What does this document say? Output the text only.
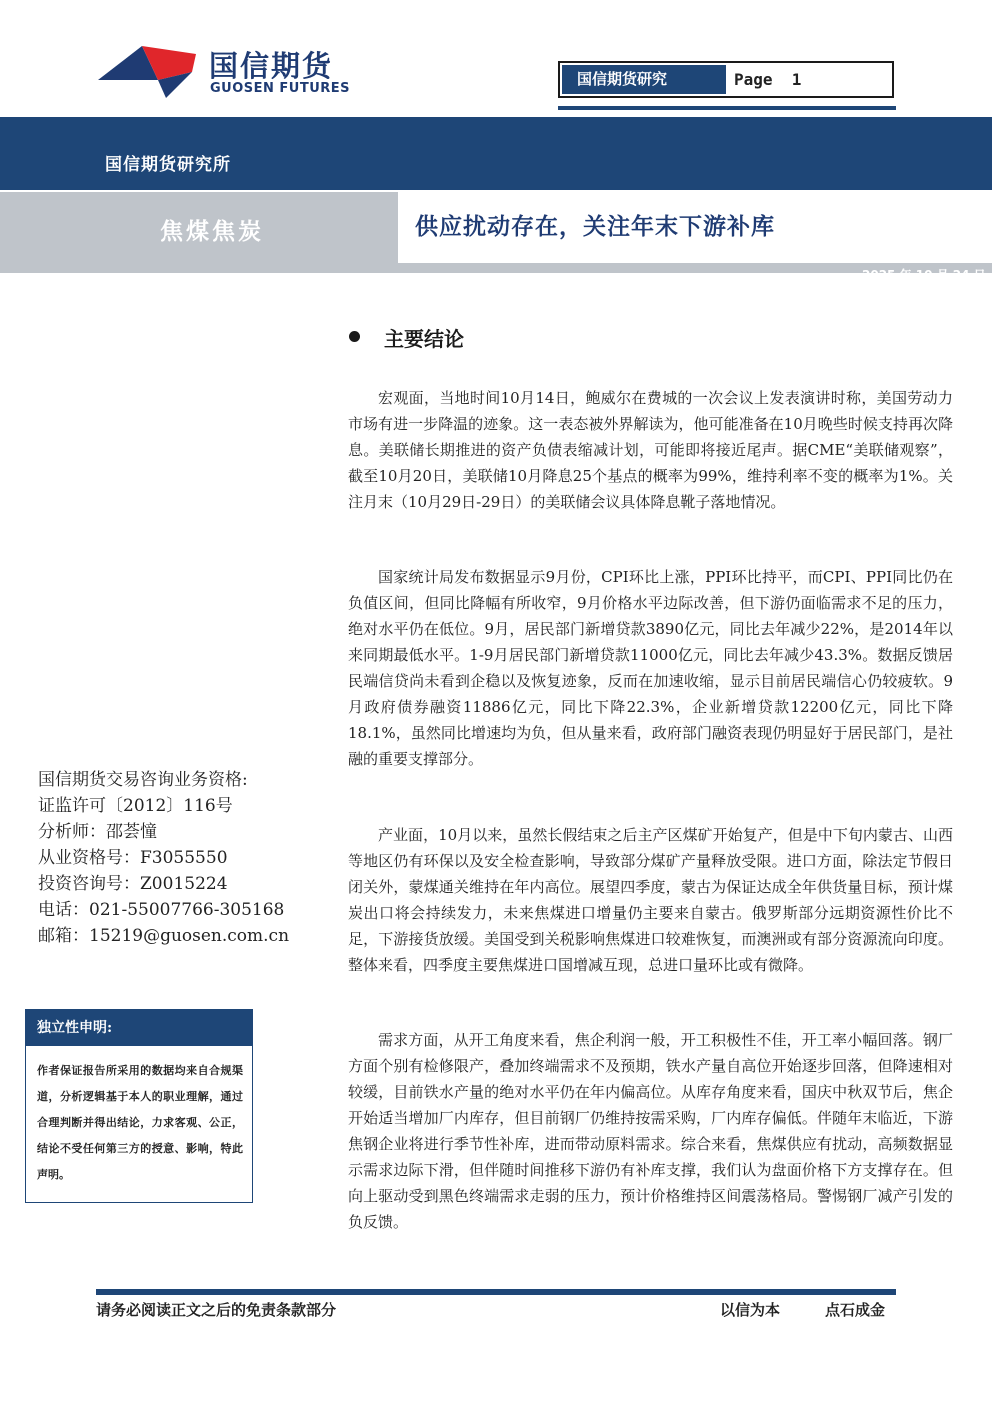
国信期货
GUOSEN FUTURES
国信期货研究	Page  1
国信期货研究所
焦煤焦炭	供应扰动存在，关注年末下游补库
2025 年 10 月 24 日
主要结论

宏观面，当地时间10月14日，鲍威尔在费城的一次会议上发表演讲时称，美国劳动力市场有进一步降温的迹象。这一表态被外界解读为，他可能准备在10月晚些时候支持再次降息。美联储长期推进的资产负债表缩减计划，可能即将接近尾声。据CME“美联储观察”，截至10月20日，美联储10月降息25个基点的概率为99%，维持利率不变的概率为1%。关注月末（10月29日-29日）的美联储会议具体降息靴子落地情况。

国家统计局发布数据显示9月份，CPI环比上涨，PPI环比持平，而CPI、PPI同比仍在负值区间，但同比降幅有所收窄，9月价格水平边际改善，但下游仍面临需求不足的压力，绝对水平仍在低位。9月，居民部门新增贷款3890亿元，同比去年减少22%，是2014年以来同期最低水平。1-9月居民部门新增贷款11000亿元，同比去年减少43.3%。数据反馈居民端信贷尚未看到企稳以及恢复迹象，反而在加速收缩，显示目前居民端信心仍较疲软。9月政府债券融资11886亿元，同比下降22.3%，企业新增贷款12200亿元，同比下降18.1%，虽然同比增速均为负，但从量来看，政府部门融资表现仍明显好于居民部门，是社融的重要支撑部分。

产业面，10月以来，虽然长假结束之后主产区煤矿开始复产，但是中下旬内蒙古、山西等地区仍有环保以及安全检查影响，导致部分煤矿产量释放受限。进口方面，除法定节假日闭关外，蒙煤通关维持在年内高位。展望四季度，蒙古为保证达成全年供货量目标，预计煤炭出口将会持续发力，未来焦煤进口增量仍主要来自蒙古。俄罗斯部分远期资源性价比不足，下游接货放缓。美国受到关税影响焦煤进口较难恢复，而澳洲或有部分资源流向印度。整体来看，四季度主要焦煤进口国增减互现，总进口量环比或有微降。

需求方面，从开工角度来看，焦企利润一般，开工积极性不佳，开工率小幅回落。钢厂方面个别有检修限产，叠加终端需求不及预期，铁水产量自高位开始逐步回落，但降速相对较缓，目前铁水产量的绝对水平仍在年内偏高位。从库存角度来看，国庆中秋双节后，焦企开始适当增加厂内库存，但目前钢厂仍维持按需采购，厂内库存偏低。伴随年末临近，下游焦钢企业将进行季节性补库，进而带动原料需求。综合来看，焦煤供应有扰动，高频数据显示需求边际下滑，但伴随时间推移下游仍有补库支撑，我们认为盘面价格下方支撑存在。但向上驱动受到黑色终端需求走弱的压力，预计价格维持区间震荡格局。警惕钢厂减产引发的负反馈。

国信期货交易咨询业务资格:
证监许可〔2012〕116号
分析师：邵荟憧
从业资格号：F3055550
投资咨询号：Z0015224
电话：021-55007766-305168
邮箱：15219@guosen.com.cn
独立性申明:
作者保证报告所采用的数据均来自合规渠道，分析逻辑基于本人的职业理解，通过合理判断并得出结论，力求客观、公正，结论不受任何第三方的授意、影响，特此声明。
请务必阅读正文之后的免责条款部分	以信为本	点石成金
